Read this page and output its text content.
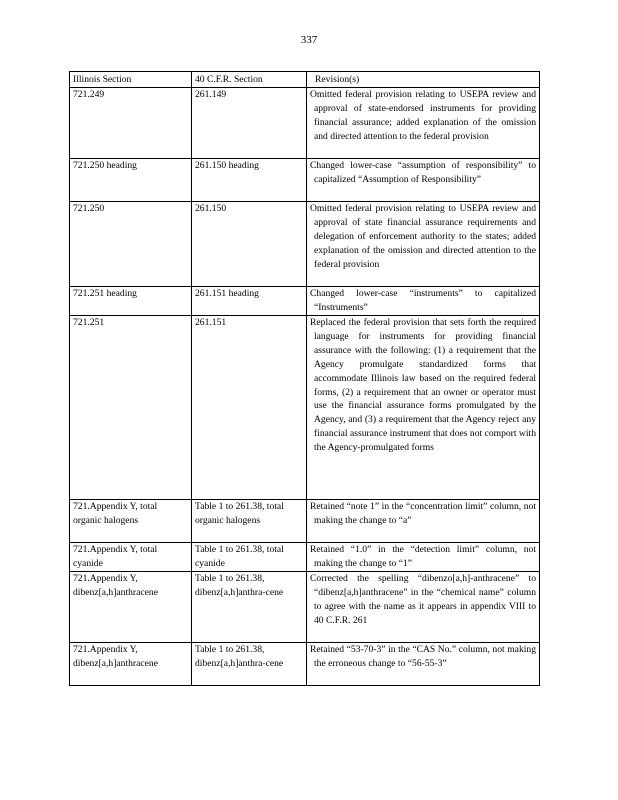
337
Illinois Section	40 C.F.R. Section	Revision(s)
721.249	261.149	Omitted federal provision relating to USEPA review and approval of state-endorsed instruments for providing financial assurance; added explanation of the omission and directed attention to the federal provision

721.250 heading	261.150 heading	Changed lower-case “assumption of responsibility” to capitalized “Assumption of Responsibility”

721.250	261.150	Omitted federal provision relating to USEPA review and approval of state financial assurance requirements and delegation of enforcement authority to the states; added explanation of the omission and directed attention to the federal provision

721.251 heading	261.151 heading	Changed lower-case “instruments” to capitalized “Instruments”

721.251	261.151	Replaced the federal provision that sets forth the required language for instruments for providing financial assurance with the following: (1) a requirement that the Agency promulgate standardized forms that accommodate Illinois law based on the required federal forms, (2) a requirement that an owner or operator must use the financial assurance forms promulgated by the Agency, and (3) a requirement that the Agency reject any financial assurance instrument that does not comport with the Agency-promulgated forms

721.Appendix Y, total organic halogens	Table 1 to 261.38, total organic halogens	Retained “note 1” in the “concentration limit” column, not making the change to “a”

721.Appendix Y, total cyanide	Table 1 to 261.38, total cyanide	Retained “1.0” in the “detection limit” column, not making the change to “1”

721.Appendix Y, dibenz[a,h]anthracene	Table 1 to 261.38, dibenz[a,h]anthra-cene	Corrected the spelling “dibenzo[a,h]-anthracene” to “dibenz[a,h]anthracene” in the “chemical name” column to agree with the name as it appears in appendix VIII to 40 C.F.R. 261

721.Appendix Y, dibenz[a,h]anthracene	Table 1 to 261.38, dibenz[a,h]anthra-cene	Retained “53-70-3” in the “CAS No.” column, not making the erroneous change to “56-55-3”
